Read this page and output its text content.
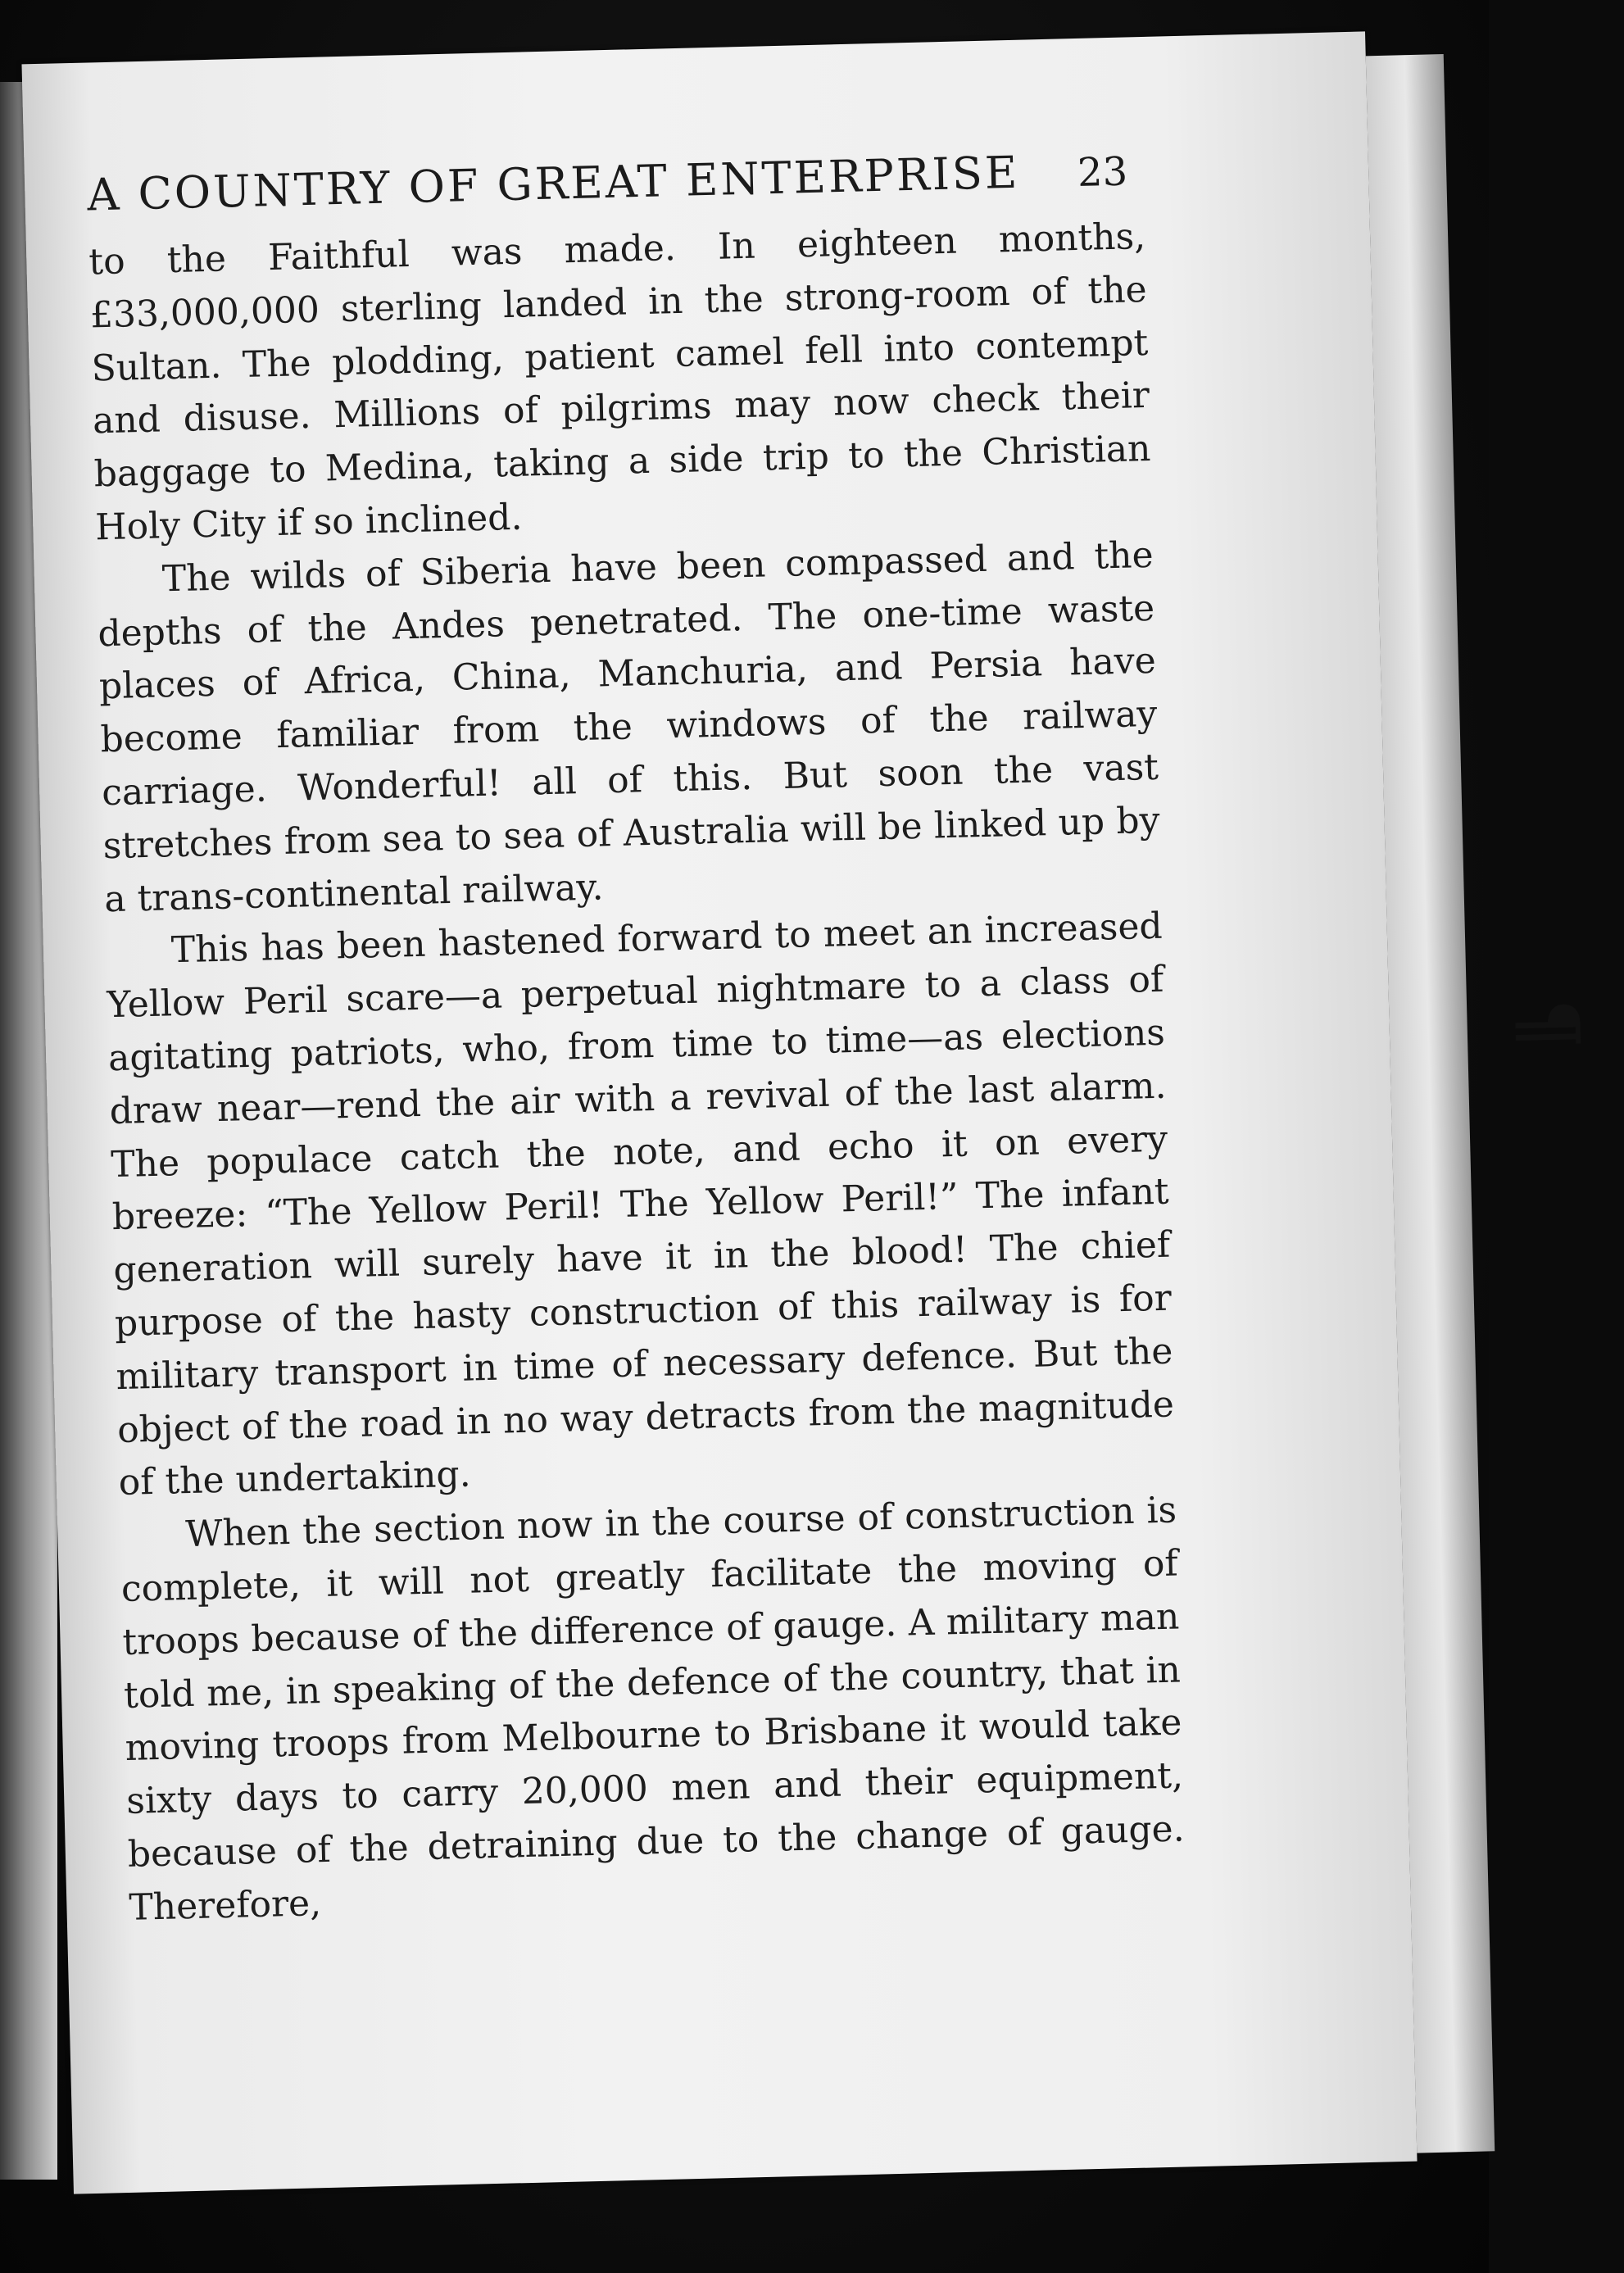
¶
A COUNTRY OF GREAT ENTERPRISE 23

to the Faithful was made. In eighteen months, £33,000,000 sterling landed in the strong-room of the Sultan. The plodding, patient camel fell into contempt and disuse. Millions of pilgrims may now check their baggage to Medina, taking a side trip to the Christian Holy City if so inclined.

The wilds of Siberia have been compassed and the depths of the Andes penetrated. The one-time waste places of Africa, China, Manchuria, and Persia have become familiar from the windows of the railway carriage. Wonderful! all of this. But soon the vast stretches from sea to sea of Australia will be linked up by a trans-continental railway.

This has been hastened forward to meet an increased Yellow Peril scare—a perpetual nightmare to a class of agitating patriots, who, from time to time—as elections draw near—rend the air with a revival of the last alarm. The populace catch the note, and echo it on every breeze: “The Yellow Peril! The Yellow Peril!” The infant generation will surely have it in the blood! The chief purpose of the hasty construction of this railway is for military transport in time of necessary defence. But the object of the road in no way detracts from the magnitude of the undertaking.

When the section now in the course of construction is complete, it will not greatly facilitate the moving of troops because of the difference of gauge. A military man told me, in speaking of the defence of the country, that in moving troops from Melbourne to Brisbane it would take sixty days to carry 20,000 men and their equipment, because of the detraining due to the change of gauge. Therefore,
